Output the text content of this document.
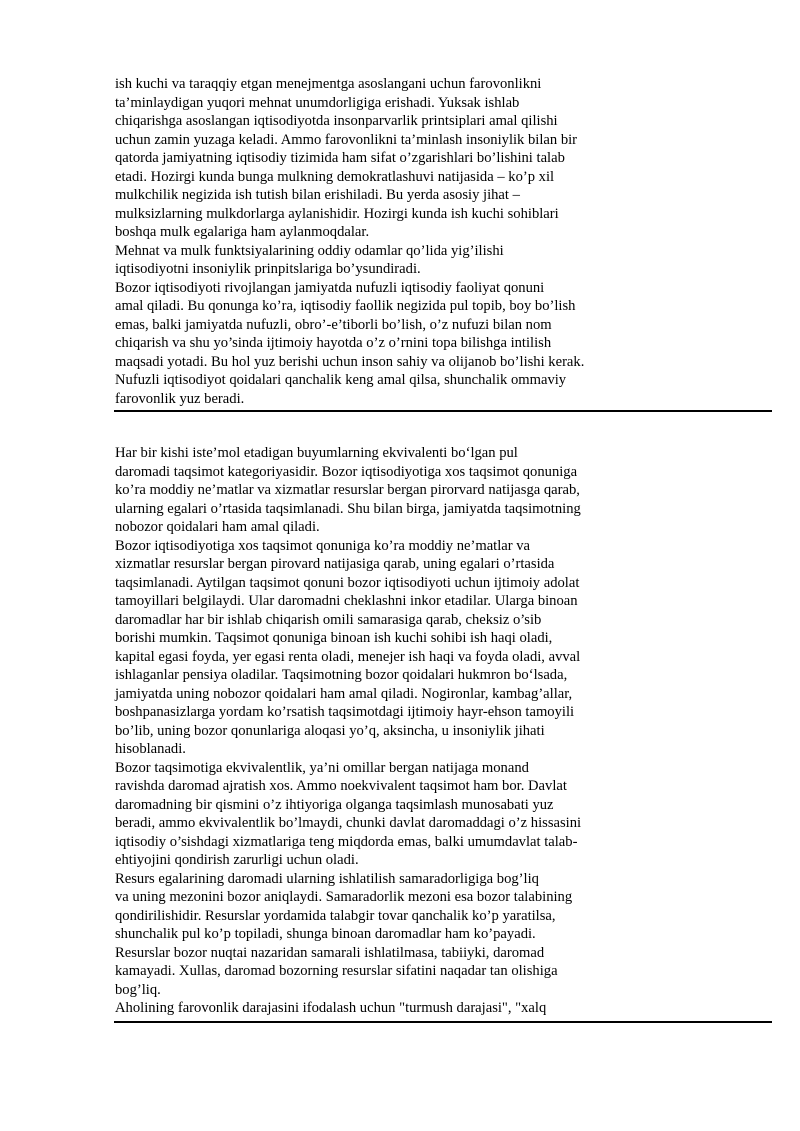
ish kuchi va taraqqiy etgan menejmentga asoslangani uchun farovonlikni
ta’minlaydigan yuqori mehnat unumdorligiga erishadi. Yuksak ishlab
chiqarishga asoslangan iqtisodiyotda insonparvarlik printsiplari amal qilishi
uchun zamin yuzaga keladi. Ammo farovonlikni ta’minlash insoniylik bilan bir
qatorda jamiyatning iqtisodiy tizimida ham sifat o’zgarishlari bo’lishini talab
etadi. Hozirgi kunda bunga mulkning demokratlashuvi natijasida – ko’p xil
mulkchilik negizida ish tutish bilan erishiladi. Bu yerda asosiy jihat –
mulksizlarning mulkdorlarga aylanishidir. Hozirgi kunda ish kuchi sohiblari
boshqa mulk egalariga ham aylanmoqdalar.
Mehnat va mulk funktsiyalarining oddiy odamlar qo’lida yig’ilishi
iqtisodiyotni insoniylik prinpitslariga bo’ysundiradi.
Bozor iqtisodiyoti rivojlangan jamiyatda nufuzli iqtisodiy faoliyat qonuni
amal qiladi. Bu qonunga ko’ra, iqtisodiy faollik negizida pul topib, boy bo’lish
emas, balki jamiyatda nufuzli, obro’-e’tiborli bo’lish, o’z nufuzi bilan nom
chiqarish va shu yo’sinda ijtimoiy hayotda o’z o’rnini topa bilishga intilish
maqsadi yotadi. Bu hol yuz berishi uchun inson sahiy va olijanob bo’lishi kerak.
Nufuzli iqtisodiyot qoidalari qanchalik keng amal qilsa, shunchalik ommaviy
farovonlik yuz beradi.
Har bir kishi iste’mol etadigan buyumlarning ekvivalenti bo‘lgan pul
daromadi taqsimot kategoriyasidir. Bozor iqtisodiyotiga xos taqsimot qonuniga
ko’ra moddiy ne’matlar va xizmatlar resurslar bergan pirorvard natijasga qarab,
ularning egalari o’rtasida taqsimlanadi. Shu bilan birga, jamiyatda taqsimotning
nobozor qoidalari ham amal qiladi.
Bozor iqtisodiyotiga xos taqsimot qonuniga ko’ra moddiy ne’matlar va
xizmatlar resurslar bergan pirovard natijasiga qarab, uning egalari o’rtasida
taqsimlanadi. Aytilgan taqsimot qonuni bozor iqtisodiyoti uchun ijtimoiy adolat
tamoyillari belgilaydi. Ular daromadni cheklashni inkor etadilar. Ularga binoan
daromadlar har bir ishlab chiqarish omili samarasiga qarab, cheksiz o’sib
borishi mumkin. Taqsimot qonuniga binoan ish kuchi sohibi ish haqi oladi,
kapital egasi foyda, yer egasi renta oladi, menejer ish haqi va foyda oladi, avval
ishlaganlar pensiya oladilar. Taqsimotning bozor qoidalari hukmron bo‘lsada,
jamiyatda uning nobozor qoidalari ham amal qiladi. Nogironlar, kambag’allar,
boshpanasizlarga yordam ko’rsatish taqsimotdagi ijtimoiy hayr-ehson tamoyili
bo’lib, uning bozor qonunlariga aloqasi yo’q, aksincha, u insoniylik jihati
hisoblanadi.
Bozor taqsimotiga ekvivalentlik, ya’ni omillar bergan natijaga monand
ravishda daromad ajratish xos. Ammo noekvivalent taqsimot ham bor. Davlat
daromadning bir qismini o’z ihtiyoriga olganga taqsimlash munosabati yuz
beradi, ammo ekvivalentlik bo’lmaydi, chunki davlat daromaddagi o’z hissasini
iqtisodiy o’sishdagi xizmatlariga teng miqdorda emas, balki umumdavlat talab-
ehtiyojini qondirish zarurligi uchun oladi.
Resurs egalarining daromadi ularning ishlatilish samaradorligiga bog’liq
va uning mezonini bozor aniqlaydi. Samaradorlik mezoni esa bozor talabining
qondirilishidir. Resurslar yordamida talabgir tovar qanchalik ko’p yaratilsa,
shunchalik pul ko’p topiladi, shunga binoan daromadlar ham ko’payadi.
Resurslar bozor nuqtai nazaridan samarali ishlatilmasa, tabiiyki, daromad
kamayadi. Xullas, daromad bozorning resurslar sifatini naqadar tan olishiga
bog’liq.
Aholining farovonlik darajasini ifodalash uchun "turmush darajasi", "xalq
